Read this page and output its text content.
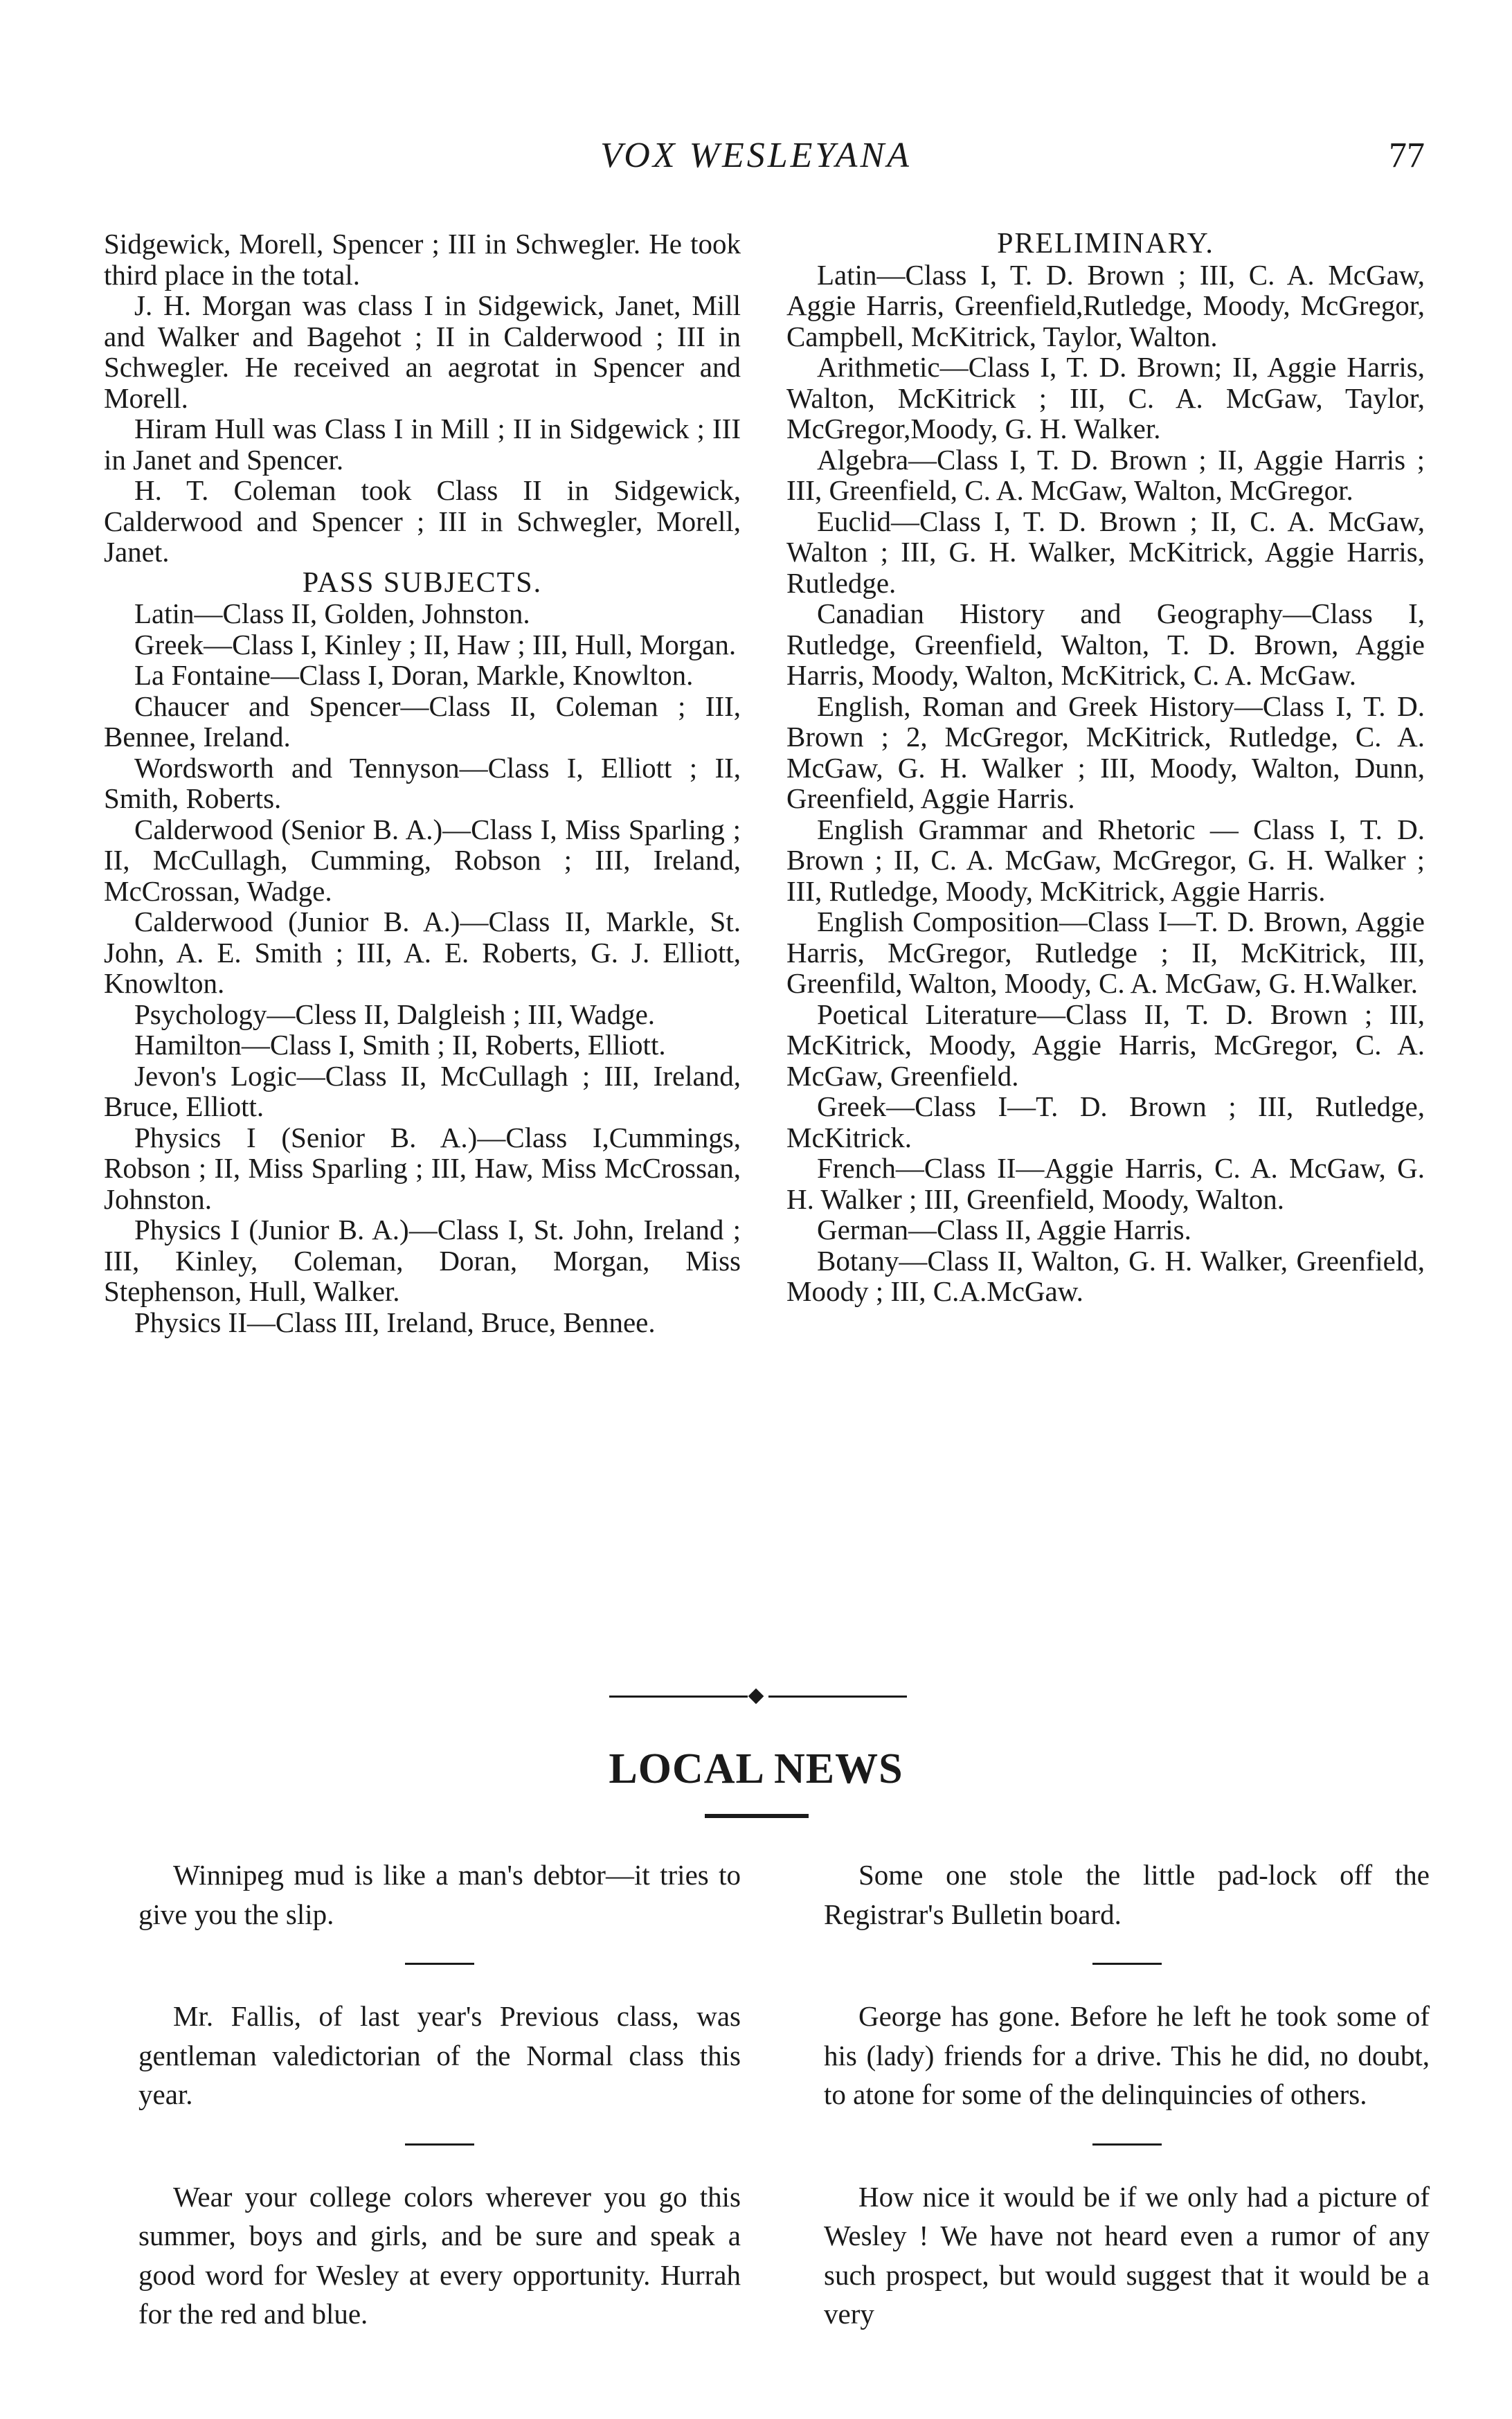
VOX WESLEYANA	77

Sidgewick, Morell, Spencer ; III in Schwegler. He took third place in the total.

J. H. Morgan was class I in Sidgewick, Janet, Mill and Walker and Bagehot ; II in Calderwood ; III in Schwegler. He received an aegrotat in Spencer and Morell.

Hiram Hull was Class I in Mill ; II in Sidgewick ; III in Janet and Spencer.

H. T. Coleman took Class II in Sidgewick, Calderwood and Spencer ; III in Schwegler, Morell, Janet.

PASS SUBJECTS.

Latin—Class II, Golden, Johnston.

Greek—Class I, Kinley ; II, Haw ; III, Hull, Morgan.

La Fontaine—Class I, Doran, Markle, Knowlton.

Chaucer and Spencer—Class II, Coleman ; III, Bennee, Ireland.

Wordsworth and Tennyson—Class I, Elliott ; II, Smith, Roberts.

Calderwood (Senior B. A.)—Class I, Miss Sparling ; II, McCullagh, Cumming, Robson ; III, Ireland, McCrossan, Wadge.

Calderwood (Junior B. A.)—Class II, Markle, St. John, A. E. Smith ; III, A. E. Roberts, G. J. Elliott, Knowlton.

Psychology—Cless II, Dalgleish ; III, Wadge.

Hamilton—Class I, Smith ; II, Roberts, Elliott.

Jevon's Logic—Class II, McCullagh ; III, Ireland, Bruce, Elliott.

Physics I (Senior B. A.)—Class I,Cummings, Robson ; II, Miss Sparling ; III, Haw, Miss McCrossan, Johnston.

Physics I (Junior B. A.)—Class I, St. John, Ireland ; III, Kinley, Coleman, Doran, Morgan, Miss Stephenson, Hull, Walker.

Physics II—Class III, Ireland, Bruce, Bennee.

PRELIMINARY.

Latin—Class I, T. D. Brown ; III, C. A. McGaw, Aggie Harris, Greenfield,Rutledge, Moody, McGregor, Campbell, McKitrick, Taylor, Walton.

Arithmetic—Class I, T. D. Brown; II, Aggie Harris, Walton, McKitrick ; III, C. A. McGaw, Taylor, McGregor,Moody, G. H. Walker.

Algebra—Class I, T. D. Brown ; II, Aggie Harris ; III, Greenfield, C. A. McGaw, Walton, McGregor.

Euclid—Class I, T. D. Brown ; II, C. A. McGaw, Walton ; III, G. H. Walker, McKitrick, Aggie Harris, Rutledge.

Canadian History and Geography—Class I, Rutledge, Greenfield, Walton, T. D. Brown, Aggie Harris, Moody, Walton, McKitrick, C. A. McGaw.

English, Roman and Greek History—Class I, T. D. Brown ; 2, McGregor, McKitrick, Rutledge, C. A. McGaw, G. H. Walker ; III, Moody, Walton, Dunn, Greenfield, Aggie Harris.

English Grammar and Rhetoric — Class I, T. D. Brown ; II, C. A. McGaw, McGregor, G. H. Walker ; III, Rutledge, Moody, McKitrick, Aggie Harris.

English Composition—Class I—T. D. Brown, Aggie Harris, McGregor, Rutledge ; II, McKitrick, III, Greenfild, Walton, Moody, C. A. McGaw, G. H.Walker.

Poetical Literature—Class II, T. D. Brown ; III, McKitrick, Moody, Aggie Harris, McGregor, C. A. McGaw, Greenfield.

Greek—Class I—T. D. Brown ; III, Rutledge, McKitrick.

French—Class II—Aggie Harris, C. A. McGaw, G. H. Walker ; III, Greenfield, Moody, Walton.

German—Class II, Aggie Harris.

Botany—Class II, Walton, G. H. Walker, Greenfield, Moody ; III, C.A.McGaw.

LOCAL NEWS

Winnipeg mud is like a man's debtor—it tries to give you the slip.

Mr. Fallis, of last year's Previous class, was gentleman valedictorian of the Normal class this year.

Wear your college colors wherever you go this summer, boys and girls, and be sure and speak a good word for Wesley at every opportunity. Hurrah for the red and blue.

Some one stole the little pad-lock off the Registrar's Bulletin board.

George has gone. Before he left he took some of his (lady) friends for a drive. This he did, no doubt, to atone for some of the delinquincies of others.

How nice it would be if we only had a picture of Wesley ! We have not heard even a rumor of any such prospect, but would suggest that it would be a very
